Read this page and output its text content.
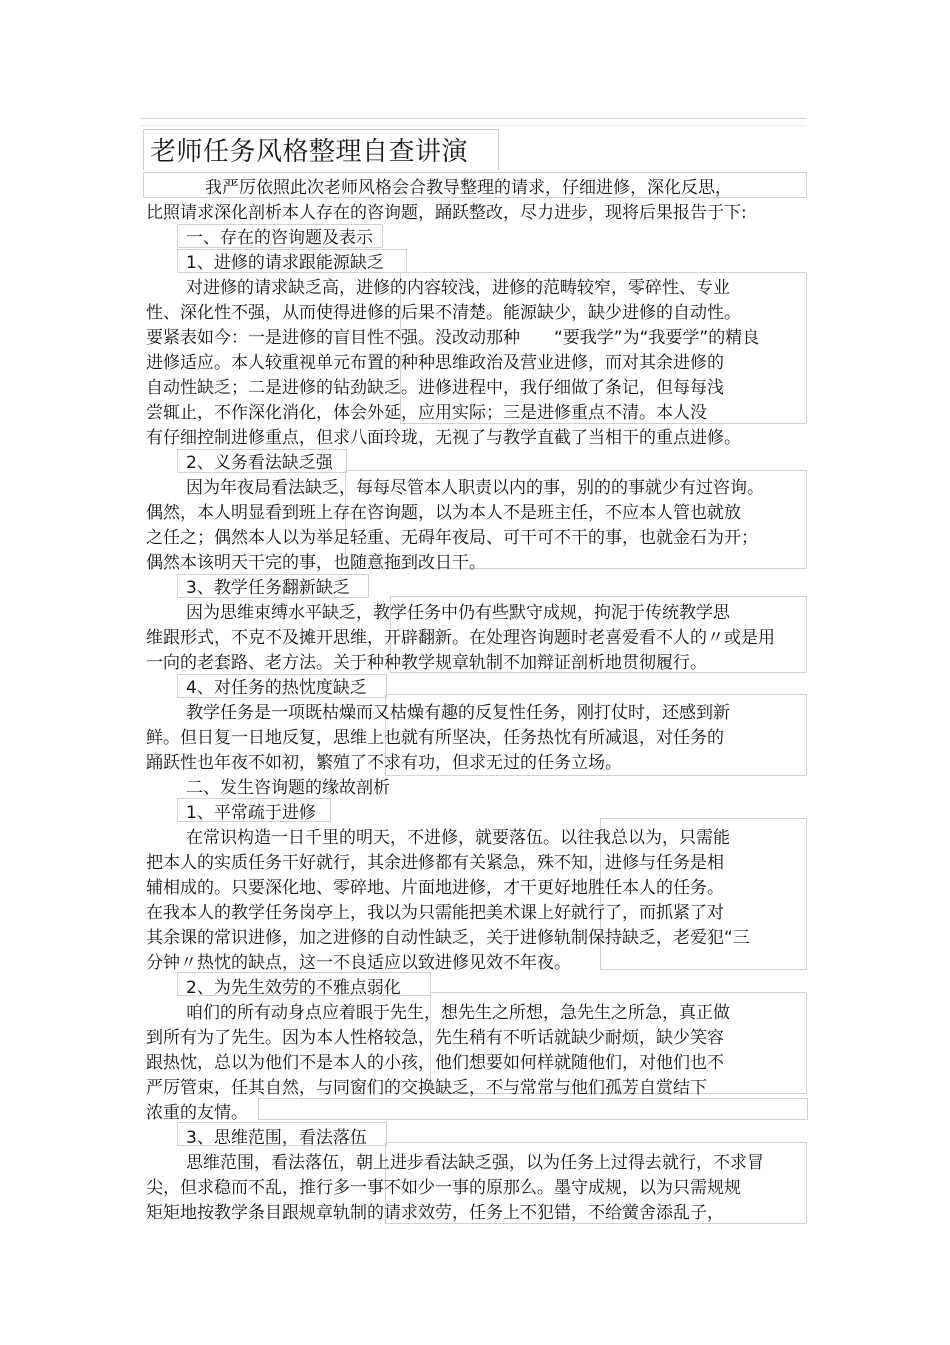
老师任务风格整理自查讲演
我严厉依照此次老师风格会合教导整理的请求，仔细进修，深化反思，
比照请求深化剖析本人存在的咨询题，踊跃整改，尽力进步，现将后果报告于下:
一、存在的咨询题及表示
1、进修的请求跟能源缺乏
对进修的请求缺乏高，进修的内容较浅，进修的范畴较窄，零碎性、专业
性、深化性不强，从而使得进修的后果不清楚。能源缺少，缺少进修的自动性。
要紧表如今：一是进修的盲目性不强。没改动那种　　“要我学”为“我要学”的精良
进修适应。本人较重视单元布置的种种思维政治及营业进修，而对其余进修的
自动性缺乏；二是进修的钻劲缺乏。进修进程中，我仔细做了条记，但每每浅
尝辄止，不作深化消化，体会外延，应用实际；三是进修重点不清。本人没
有仔细控制进修重点，但求八面玲珑，无视了与教学直截了当相干的重点进修。
2、义务看法缺乏强
因为年夜局看法缺乏，每每尽管本人职责以内的事，别的的事就少有过咨询。
偶然，本人明显看到班上存在咨询题，以为本人不是班主任，不应本人管也就放
之任之；偶然本人以为举足轻重、无碍年夜局、可干可不干的事，也就金石为开；
偶然本该明天干完的事，也随意拖到改日干。
3、教学任务翻新缺乏
因为思维束缚水平缺乏，教学任务中仍有些默守成规，拘泥于传统教学思
维跟形式，不克不及摊开思维，开辟翻新。在处理咨询题时老喜爱看不人的〃或是用
一向的老套路、老方法。关于种种教学规章轨制不加辩证剖析地贯彻履行。
4、对任务的热忱度缺乏
教学任务是一项既枯燥而又枯燥有趣的反复性任务，刚打仗时，还感到新
鲜。但日复一日地反复，思维上也就有所坚决，任务热忱有所减退，对任务的
踊跃性也年夜不如初，繁殖了不求有功，但求无过的任务立场。
二、发生咨询题的缘故剖析
1、平常疏于进修
在常识构造一日千里的明天，不进修，就要落伍。以往我总以为，只需能
把本人的实质任务干好就行，其余进修都有关紧急，殊不知，进修与任务是相
辅相成的。只要深化地、零碎地、片面地进修，才干更好地胜任本人的任务。
在我本人的教学任务岗亭上，我以为只需能把美术课上好就行了，而抓紧了对
其余课的常识进修，加之进修的自动性缺乏，关于进修轨制保持缺乏，老爱犯“三
分钟〃热忱的缺点，这一不良适应以致进修见效不年夜。
2、为先生效劳的不雅点弱化
咱们的所有动身点应着眼于先生，想先生之所想，急先生之所急，真正做
到所有为了先生。因为本人性格较急，先生稍有不听话就缺少耐烦，缺少笑容
跟热忱，总以为他们不是本人的小孩，他们想要如何样就随他们，对他们也不
严厉管束，任其自然，与同窗们的交换缺乏，不与常常与他们孤芳自赏结下
浓重的友情。
3、思维范围，看法落伍
思维范围，看法落伍，朝上进步看法缺乏强，以为任务上过得去就行，不求冒
尖，但求稳而不乱，推行多一事不如少一事的原那么。墨守成规，以为只需规规
矩矩地按教学条目跟规章轨制的请求效劳，任务上不犯错，不给黉舍添乱子，
